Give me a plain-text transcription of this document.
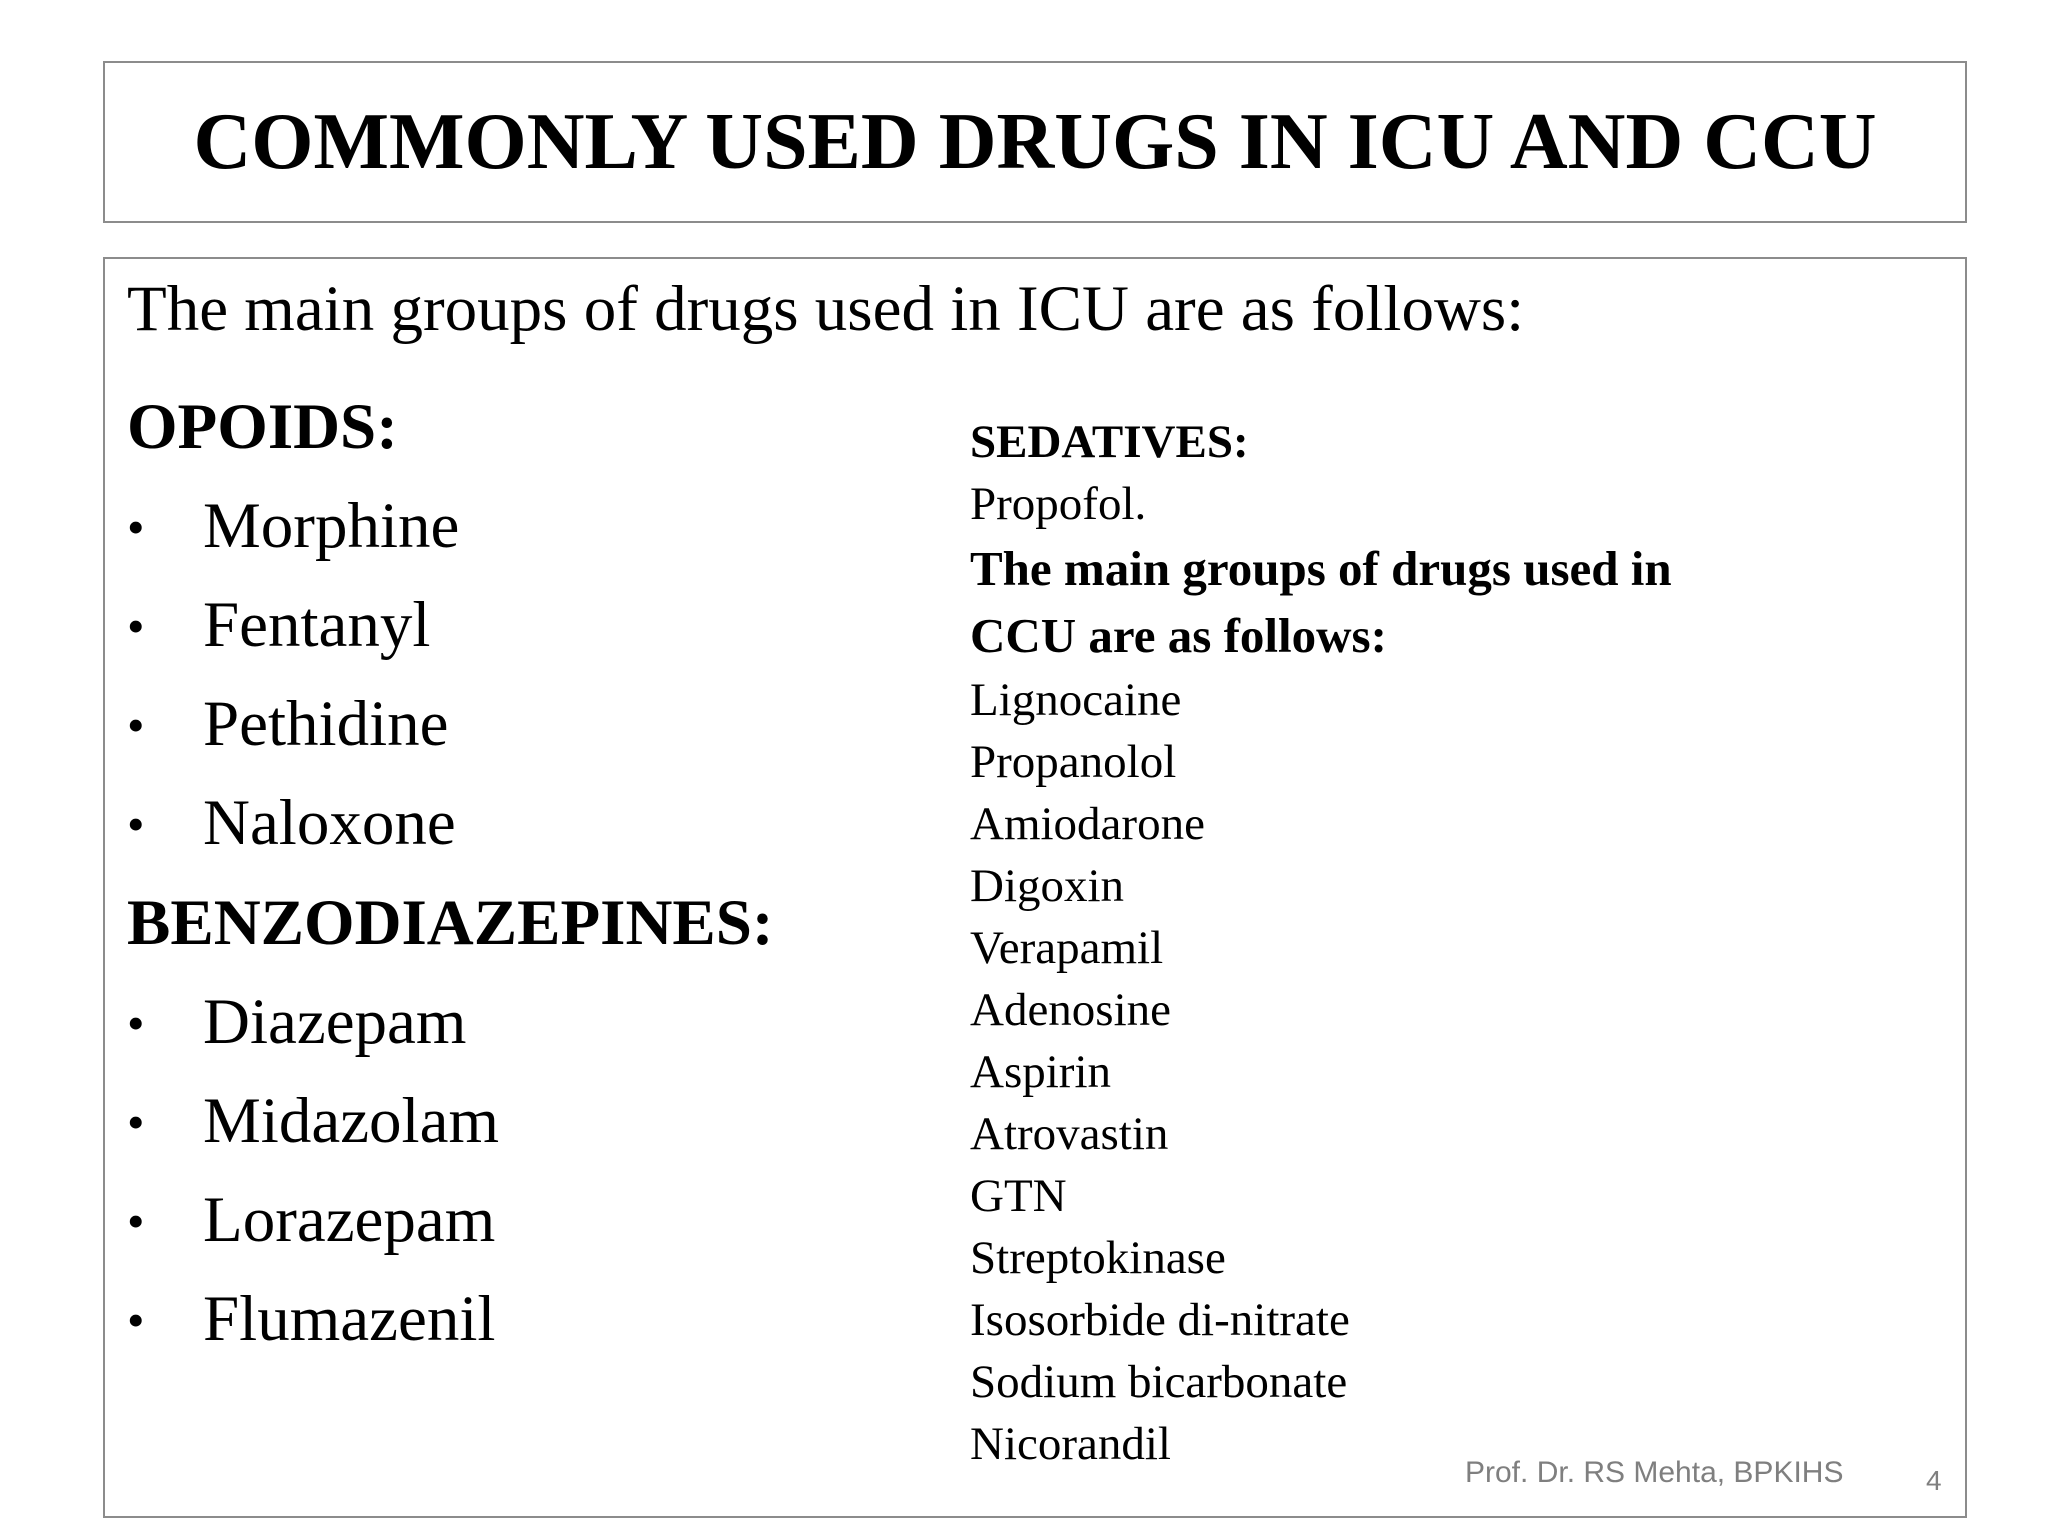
COMMONLY USED DRUGS IN ICU AND CCU
The main groups of drugs used in ICU are as follows:
OPOIDS:
• Morphine
• Fentanyl
• Pethidine
• Naloxone
BENZODIAZEPINES:
• Diazepam
• Midazolam
• Lorazepam
• Flumazenil
SEDATIVES:
Propofol.
The main groups of drugs used in
CCU are as follows:
Lignocaine
Propanolol
Amiodarone
Digoxin
Verapamil
Adenosine
Aspirin
Atrovastin
GTN
Streptokinase
Isosorbide di-nitrate
Sodium bicarbonate
Nicorandil
Prof. Dr. RS Mehta, BPKIHS	4
